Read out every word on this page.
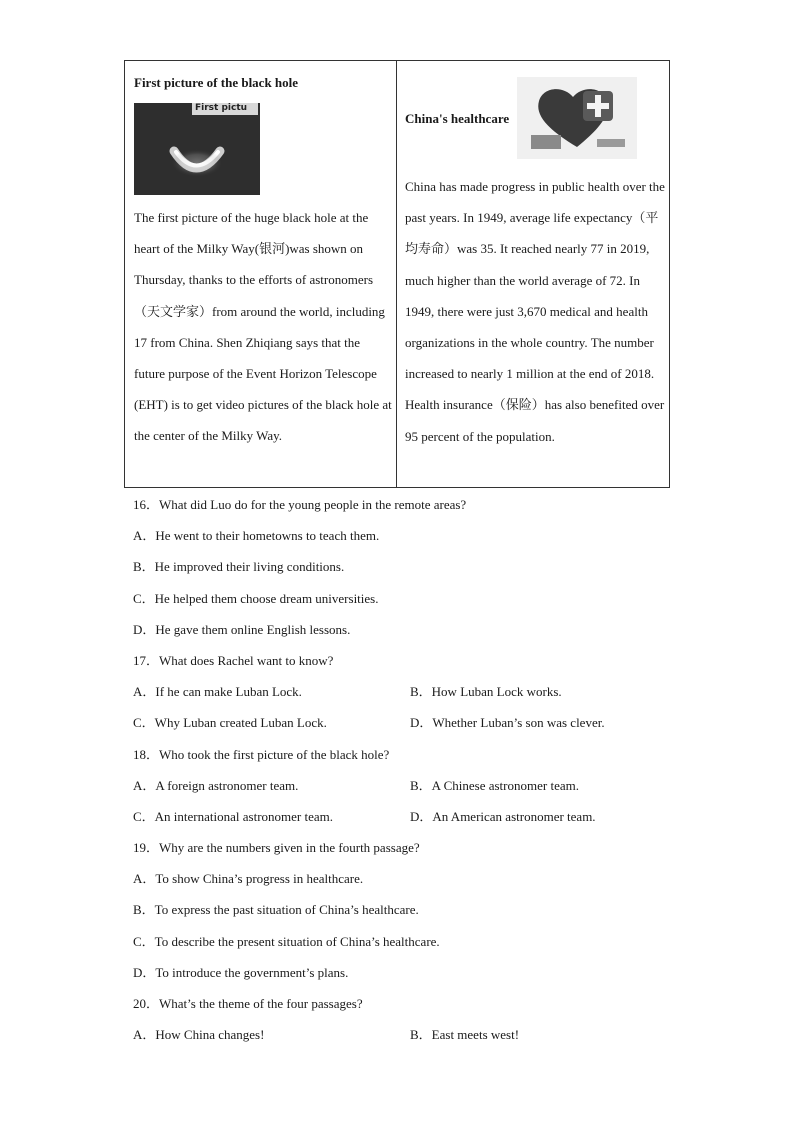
First picture of the black hole
First pictu
The first picture of the huge black hole at the heart of the Milky Way(银河)was shown on Thursday, thanks to the efforts of astronomers（天文学家）from around the world, including 17 from China. Shen Zhiqiang says that the future purpose of the Event Horizon Telescope (EHT) is to get video pictures of the black hole at the center of the Milky Way.
China's healthcare
China has made progress in public health over the past years. In 1949, average life expectancy（平均寿命）was 35. It reached nearly 77 in 2019, much higher than the world average of 72. In 1949, there were just 3,670 medical and health organizations in the whole country. The number increased to nearly 1 million at the end of 2018. Health insurance（保险）has also benefited over 95 percent of the population.
16．What did Luo do for the young people in the remote areas?
A．He went to their hometowns to teach them.
B．He improved their living conditions.
C．He helped them choose dream universities.
D．He gave them online English lessons.
17．What does Rachel want to know?
A．If he can make Luban Lock.	B．How Luban Lock works.
C．Why Luban created Luban Lock.	D．Whether Luban’s son was clever.
18．Who took the first picture of the black hole?
A．A foreign astronomer team.	B．A Chinese astronomer team.
C．An international astronomer team.	D．An American astronomer team.
19．Why are the numbers given in the fourth passage?
A．To show China’s progress in healthcare.
B．To express the past situation of China’s healthcare.
C．To describe the present situation of China’s healthcare.
D．To introduce the government’s plans.
20．What’s the theme of the four passages?
A．How China changes!	B．East meets west!
